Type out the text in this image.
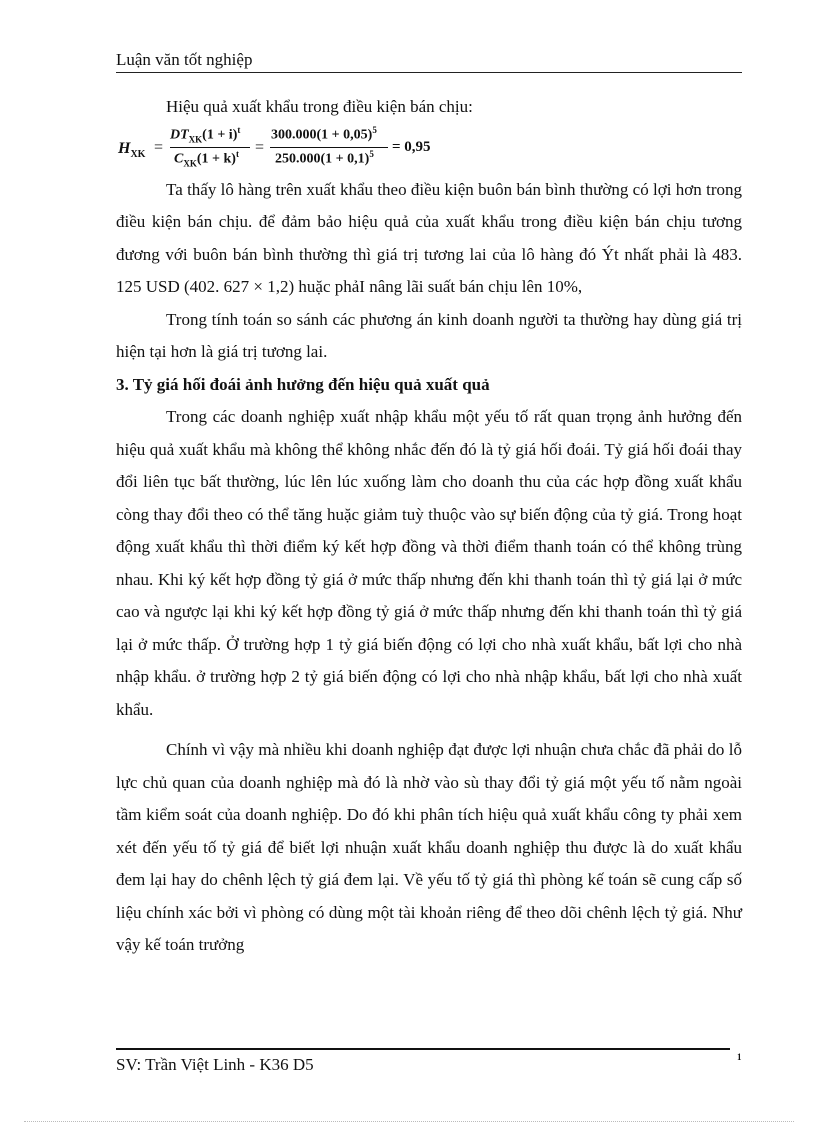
Luận văn tốt nghiệp

Hiệu quả xuất khẩu trong điều kiện bán chịu:

$H_{XK}$ =
$DT_{XK}(1 + i)^t$
$C_{XK}(1 + k)^t$ =
$300.000(1 + 0,05)^5$
$250.000(1 + 0,1)^5 = 0,95$

Ta thấy lô hàng trên xuất khẩu theo điều kiện buôn bán bình thường có lợi hơn trong điều kiện bán chịu. để đảm bảo hiệu quả của xuất khẩu trong điều kiện bán chịu tương đương với buôn bán bình thường thì giá trị tương lai của lô hàng đó Ýt nhất phải là 483. 125 USD (402. 627 × 1,2) huặc phảI nâng lãi suất bán chịu lên 10%,

Trong tính toán so sánh các phương án kinh doanh người ta thường hay dùng giá trị hiện tại hơn là giá trị tương lai.

3. Tỷ giá hối đoái ảnh hưởng đến hiệu quả xuất quả

Trong các doanh nghiệp xuất nhập khẩu một yếu tố rất quan trọng ảnh hưởng đến hiệu quả xuất khẩu mà không thể không nhắc đến đó là tỷ giá hối đoái. Tỷ giá hối đoái thay đổi liên tục bất thường, lúc lên lúc xuống làm cho doanh thu của các hợp đồng xuất khẩu còng thay đổi theo có thể tăng huặc giảm tuỳ thuộc vào sự biến động của tỷ giá. Trong hoạt động xuất khẩu thì thời điểm ký kết hợp đồng và thời điểm thanh toán có thể không trùng nhau. Khi ký kết hợp đồng tỷ giá ở mức thấp nhưng đến khi thanh toán thì tỷ giá lại ở mức cao và ngược lại khi ký kết hợp đồng tỷ giá ở mức thấp nhưng đến khi thanh toán thì tỷ giá lại ở mức thấp. Ở trường hợp 1 tỷ giá biến động có lợi cho nhà xuất khẩu, bất lợi cho nhà nhập khẩu. ở trường hợp 2 tỷ giá biến động có lợi cho nhà nhập khẩu, bất lợi cho nhà xuất khẩu.

Chính vì vậy mà nhiều khi doanh nghiệp đạt được lợi nhuận chưa chắc đã phải do lỗ lực chủ quan của doanh nghiệp mà đó là nhờ vào sù thay đổi tỷ giá một yếu tố nằm ngoài tầm kiểm soát của doanh nghiệp. Do đó khi phân tích hiệu quả xuất khẩu công ty phải xem xét đến yếu tố tỷ giá để biết lợi nhuận xuất khẩu doanh nghiệp thu được là do xuất khẩu đem lại hay do chênh lệch tỷ giá đem lại. Về yếu tố tỷ giá thì phòng kế toán sẽ cung cấp số liệu chính xác bởi vì phòng có dùng một tài khoản riêng để theo dõi chênh lệch tỷ giá. Như vậy kế toán trưởng

SV: Trần Việt Linh - K36 D5	1
